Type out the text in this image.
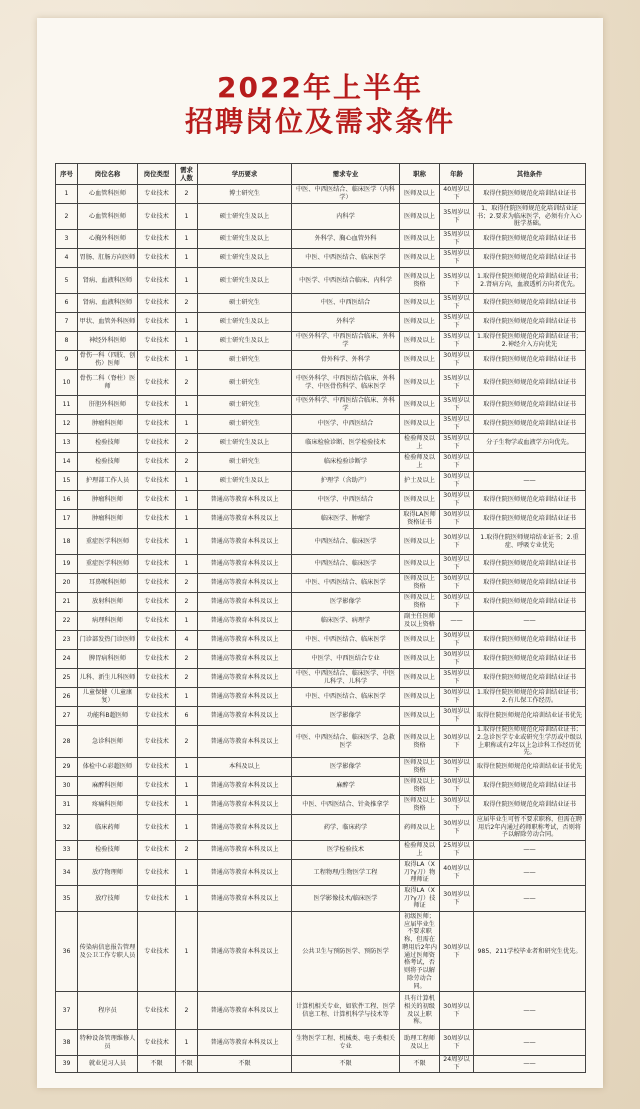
2022年上半年
招聘岗位及需求条件
序号	岗位名称	岗位类型	需求人数	学历要求	需求专业	职称	年龄	其他条件
1	心血管科医师	专业技术	2	博士研究生	中医、中西医结合、临床医学（内科学）	医师及以上	40周岁以下	取得住院医师规范化培训结业证书
2	心血管科医师	专业技术	1	硕士研究生及以上	内科学	医师及以上	35周岁以下	1、取得住院医师规范化培训结业证书；2.要求为临床医学，必须有介入心脏学基础。
3	心胸外科医师	专业技术	1	硕士研究生及以上	外科学、胸心血管外科	医师及以上	35周岁以下	取得住院医师规范化培训结业证书
4	胃肠、肛肠方向医师	专业技术	1	硕士研究生及以上	中医、中西医结合、临床医学	医师及以上	35周岁以下	取得住院医师规范化培训结业证书
5	肾病、血液科医师	专业技术	1	硕士研究生及以上	中医学、中西医结合临床、内科学	医师及以上资格	35周岁以下	1.取得住院医师规范化培训结业证书；2.肾病方向，血液透析方向者优先。
6	肾病、血液科医师	专业技术	2	硕士研究生	中医、中西医结合	医师及以上	35周岁以下	取得住院医师规范化培训结业证书
7	甲状、血管外科医师	专业技术	1	硕士研究生及以上	外科学	医师及以上	35周岁以下	取得住院医师规范化培训结业证书
8	神经外科医师	专业技术	1	硕士研究生及以上	中医外科学、中西医结合临床、外科学	医师及以上	35周岁以下	1.取得住院医师规范化培训结业证书；2.神经介入方向优先
9	骨伤一科（四肢、创伤）医师	专业技术	1	硕士研究生	骨外科学、外科学	医师及以上	30周岁以下	取得住院医师规范化培训结业证书
10	骨伤二科（脊柱）医师	专业技术	2	硕士研究生	中医外科学、中西医结合临床、外科学、中医骨伤科学、临床医学	医师及以上	35周岁以下	取得住院医师规范化培训结业证书
11	肝胆外科医师	专业技术	1	硕士研究生	中医外科学、中西医结合临床、外科学	医师及以上	35周岁以下	取得住院医师规范化培训结业证书
12	肿瘤科医师	专业技术	1	硕士研究生	中医学、中西医结合	医师及以上	35周岁以下	取得住院医师规范化培训结业证书
13	检验技师	专业技术	2	硕士研究生及以上	临床检验诊断、医学检验技术	检验师及以上	35周岁以下	分子生物学或血液学方向优先。
14	检验技师	专业技术	2	硕士研究生	临床检验诊断学	检验师及以上	30周岁以下	
15	护理部工作人员	专业技术	1	硕士研究生及以上	护理学（含助产）	护士及以上	30周岁以下	——
16	肿瘤科医师	专业技术	1	普通高等教育本科及以上	中医学、中西医结合	医师及以上	30周岁以下	取得住院医师规范化培训结业证书
17	肿瘤科医师	专业技术	1	普通高等教育本科及以上	临床医学、肿瘤学	取得LA医师资格证书	30周岁以下	取得住院医师规范化培训结业证书
18	重症医学科医师	专业技术	1	普通高等教育本科及以上	中西医结合、临床医学	医师及以上	30周岁以下	1.取得住院医师规培结业证书；2.重症、呼吸专业优先
19	重症医学科医师	专业技术	1	普通高等教育本科及以上	中西医结合、临床医学	医师及以上	30周岁以下	取得住院医师规范化培训结业证书
20	耳鼻喉科医师	专业技术	2	普通高等教育本科及以上	中医、中西医结合、临床医学	医师及以上资格	30周岁以下	取得住院医师规范化培训结业证书
21	放射科医师	专业技术	2	普通高等教育本科及以上	医学影像学	医师及以上资格	30周岁以下	取得住院医师规范化培训结业证书
22	病理科医师	专业技术	1	普通高等教育本科及以上	临床医学、病理学	副主任医师及以上资格	——	——
23	门诊部发热门诊医师	专业技术	4	普通高等教育本科及以上	中医、中西医结合、临床医学	医师及以上	30周岁以下	取得住院医师规范化培训结业证书
24	脾胃病科医师	专业技术	2	普通高等教育本科及以上	中医学、中西医结合专业	医师及以上	30周岁以下	取得住院医师规范化培训结业证书
25	儿科、新生儿科医师	专业技术	2	普通高等教育本科及以上	中医、中西医结合、临床医学、中医儿科学、儿科学	医师及以上	35周岁以下	取得住院医师规范化培训结业证书
26	儿童保健（儿童康复）	专业技术	1	普通高等教育本科及以上	中医、中西医结合、临床医学	医师及以上	30周岁以下	1.取得住院医师规范化培训结业证书；2.有儿保工作经历。
27	功能科B超医师	专业技术	6	普通高等教育本科及以上	医学影像学	医师及以上	30周岁以下	取得住院医师规范化培训结业证书优先
28	急诊科医师	专业技术	2	普通高等教育本科及以上	中医、中西医结合、临床医学、急救医学	医师及以上资格	30周岁以下	1.取得住院医师规范化培训结业证书；2.急诊医学专业或研究生学历或中级以上职称或有2年以上急诊科工作经历优先。
29	体检中心彩超医师	专业技术	1	本科及以上	医学影像学	医师及以上资格	30周岁以下	取得住院医师规范化培训结业证书优先
30	麻醉科医师	专业技术	1	普通高等教育本科及以上	麻醉学	医师及以上资格	30周岁以下	取得住院医师规范化培训结业证书
31	疼痛科医师	专业技术	1	普通高等教育本科及以上	中医、中西医结合、针灸推拿学	医师及以上资格	30周岁以下	取得住院医师规范化培训结业证书
32	临床药师	专业技术	1	普通高等教育本科及以上	药学、临床药学	药师及以上	30周岁以下	应届毕业生可暂不要求职称，但需在聘用后2年内通过药师职称考试，否则将予以解除劳动合同。
33	检验技师	专业技术	2	普通高等教育本科及以上	医学检验技术	检验师及以上	25周岁以下	——
34	放疗物理师	专业技术	1	普通高等教育本科及以上	工程物理/生物医学工程	取得LA（X刀?γ刀）物理师证	40周岁以下	——
35	放疗技师	专业技术	1	普通高等教育本科及以上	医学影像技术/临床医学	取得LA（X刀?γ刀）技师证	30周岁以下	——
36	传染病信息报告管理及公卫工作专职人员	专业技术	1	普通高等教育本科及以上	公共卫生与预防医学、预防医学	初级医师；应届毕业生不要求职称，但需在聘用后2年内通过医师资格考试，否则将予以解除劳动合同。	30周岁以下	985、211学校毕业者和研究生优先。
37	程序员	专业技术	2	普通高等教育本科及以上	计算机相关专业，如软件工程、医学信息工程、计算机科学与技术等	具有计算机相关的初级及以上职称。	30周岁以下	——
38	特种设备管理维修人员	专业技术	1	普通高等教育本科及以上	生物医学工程、机械类、电子类相关专业	助理工程师及以上	30周岁以下	——
39	就业见习人员	不限	不限	不限	不限	不限	24周岁以下	——
